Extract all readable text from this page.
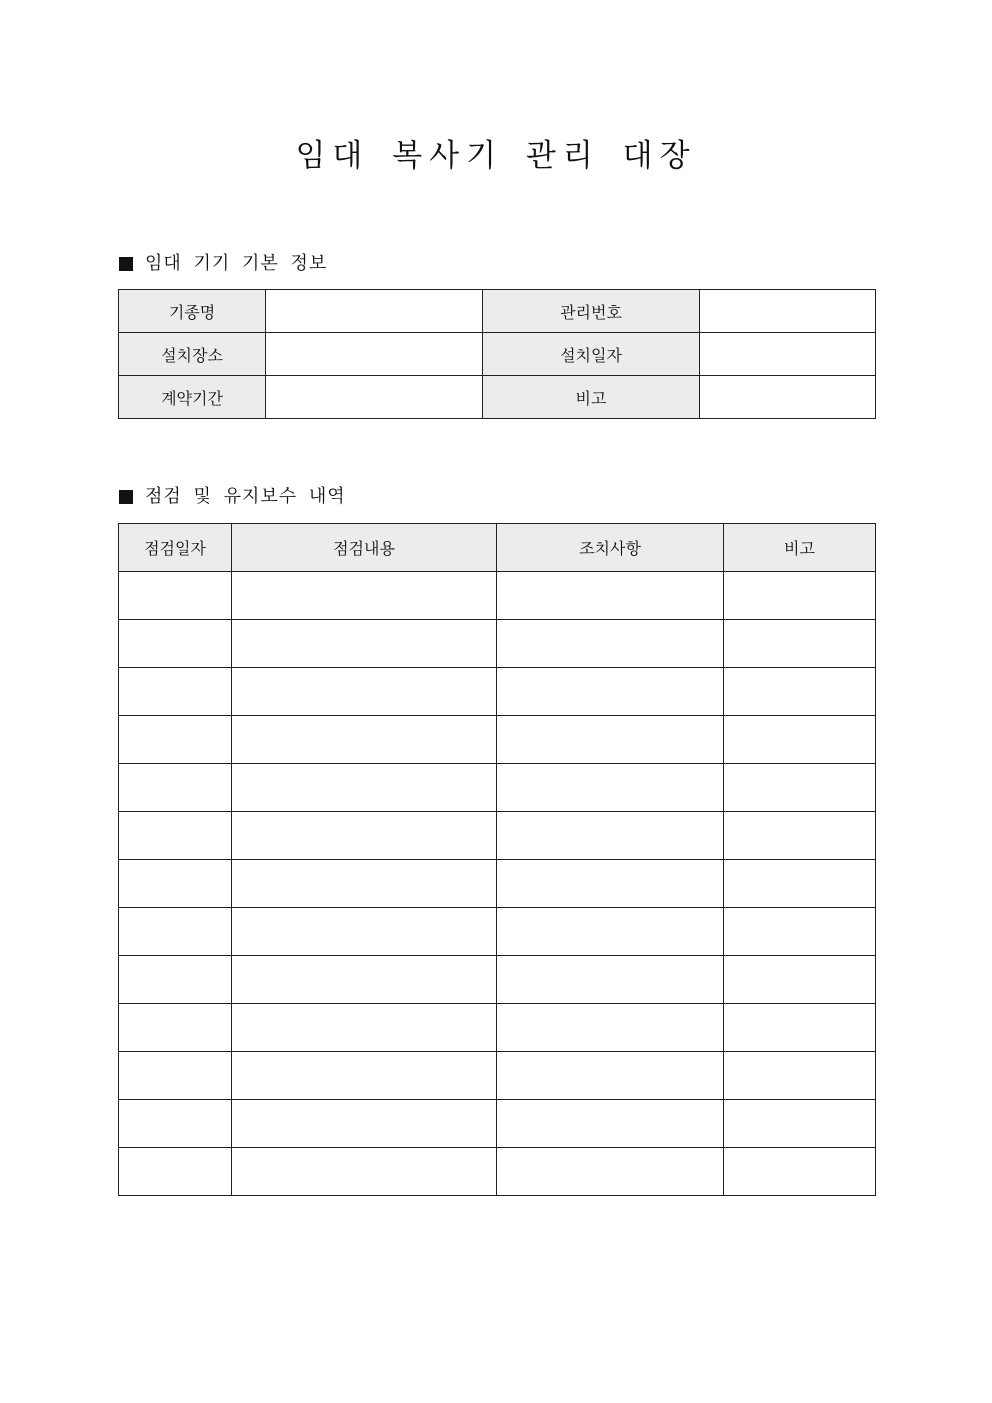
임대 복사기 관리 대장
임대 기기 기본 정보
기종명		관리번호	
설치장소		설치일자	
계약기간		비고	
점검 및 유지보수 내역
점검일자	점검내용	조치사항	비고
